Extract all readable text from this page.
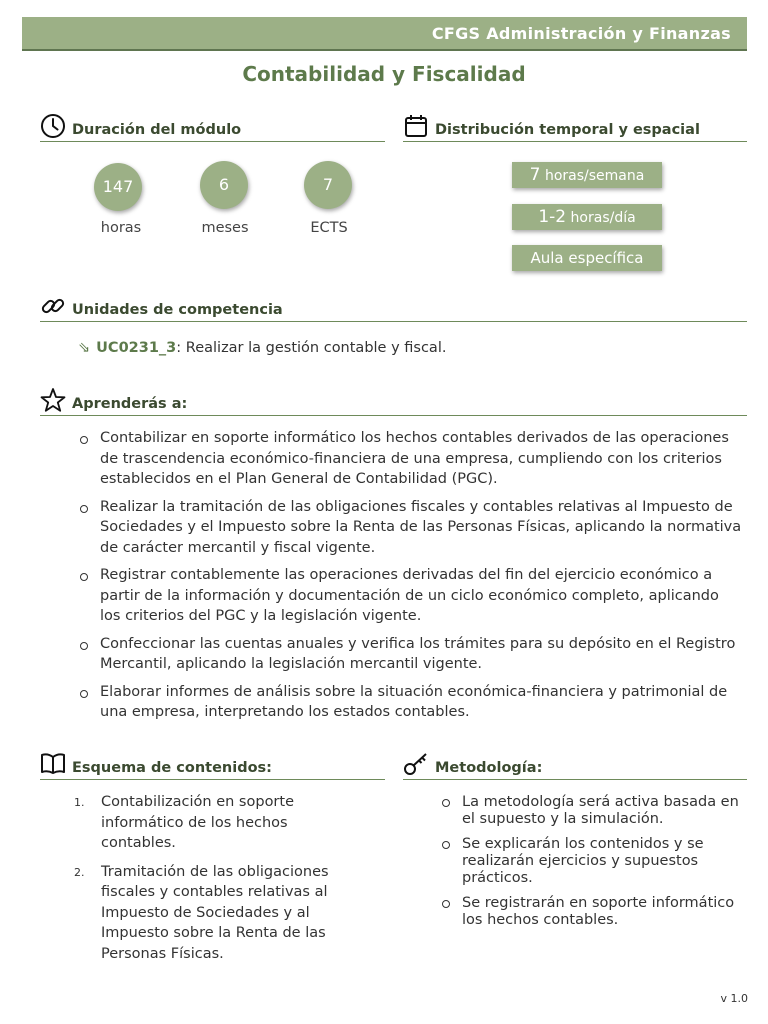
CFGS Administración y Finanzas
Contabilidad y Fiscalidad
Duración del módulo
147	6	7
horas	meses	ECTS
Distribución temporal y espacial
7 horas/semana
1-2 horas/día
Aula específica
Unidades de competencia
⇘ UC0231_3: Realizar la gestión contable y fiscal.
Aprenderás a:
Contabilizar en soporte informático los hechos contables derivados de las operaciones de trascendencia económico-financiera de una empresa, cumpliendo con los criterios establecidos en el Plan General de Contabilidad (PGC).
Realizar la tramitación de las obligaciones fiscales y contables relativas al Impuesto de Sociedades y el Impuesto sobre la Renta de las Personas Físicas, aplicando la normativa de carácter mercantil y fiscal vigente.
Registrar contablemente las operaciones derivadas del fin del ejercicio económico a partir de la información y documentación de un ciclo económico completo, aplicando los criterios del PGC y la legislación vigente.
Confeccionar las cuentas anuales y verifica los trámites para su depósito en el Registro Mercantil, aplicando la legislación mercantil vigente.
Elaborar informes de análisis sobre la situación económica-financiera y patrimonial de una empresa, interpretando los estados contables.
Esquema de contenidos:
1. Contabilización en soporte informático de los hechos contables.
2. Tramitación de las obligaciones fiscales y contables relativas al Impuesto de Sociedades y al Impuesto sobre la Renta de las Personas Físicas.
Metodología:
La metodología será activa basada en el supuesto y la simulación.
Se explicarán los contenidos y se realizarán ejercicios y supuestos prácticos.
Se registrarán en soporte informático los hechos contables.
v 1.0
